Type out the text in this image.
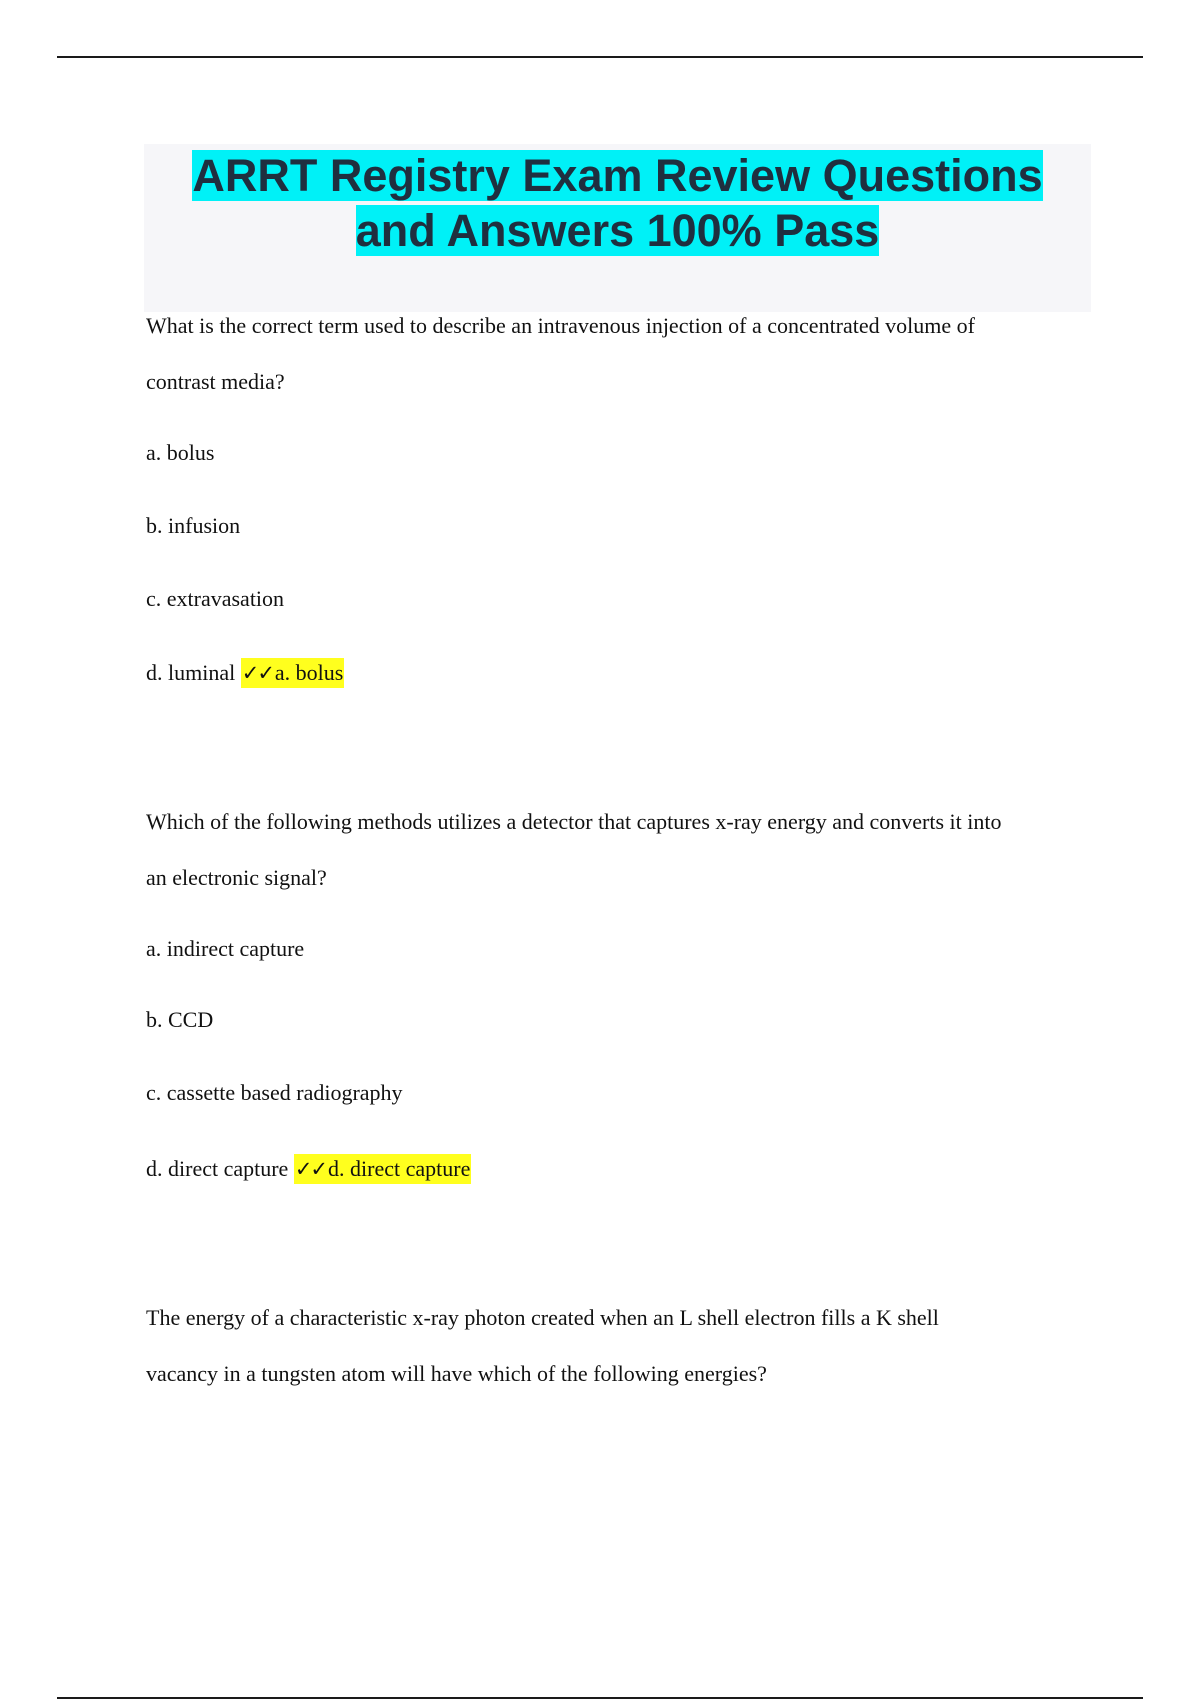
ARRT Registry Exam Review Questions
and Answers 100% Pass

What is the correct term used to describe an intravenous injection of a concentrated volume of
contrast media?

a. bolus

b. infusion

c. extravasation

d. luminal ✓✓a. bolus

Which of the following methods utilizes a detector that captures x-ray energy and converts it into
an electronic signal?

a. indirect capture

b. CCD

c. cassette based radiography

d. direct capture ✓✓d. direct capture

The energy of a characteristic x-ray photon created when an L shell electron fills a K shell
vacancy in a tungsten atom will have which of the following energies?
